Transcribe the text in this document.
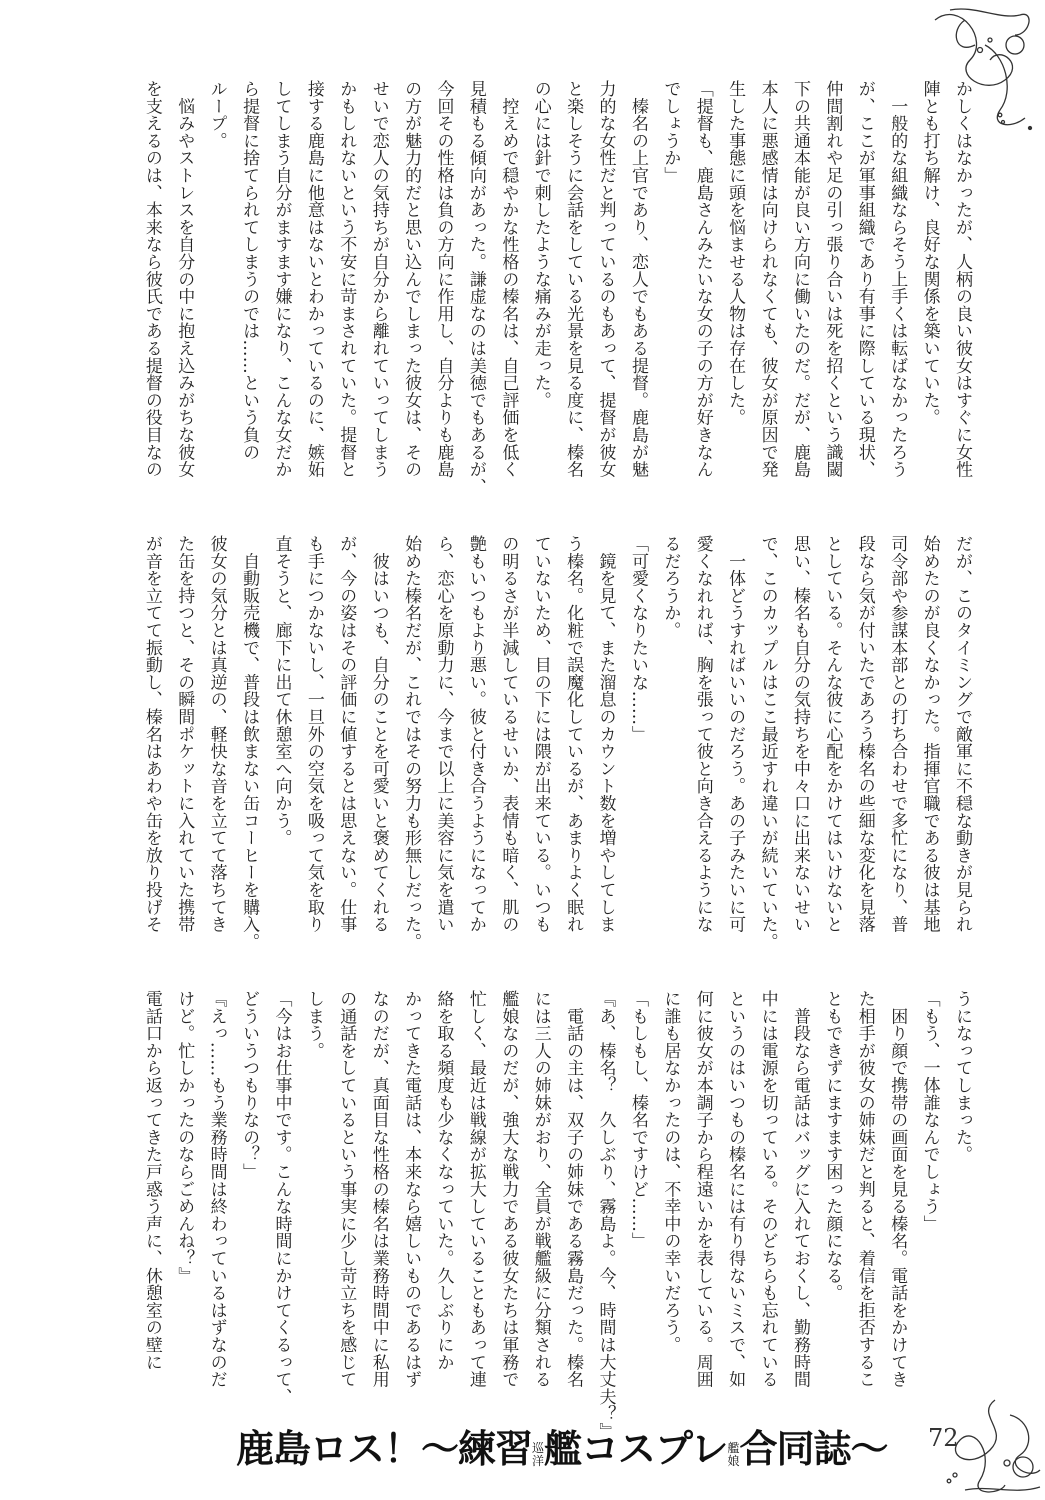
かしくはなかったが、人柄の良い彼女はすぐに女性
陣とも打ち解け、良好な関係を築いていた。
　一般的な組織ならそう上手くは転ばなかったろう
が、ここが軍事組織であり有事に際している現状、
仲間割れや足の引っ張り合いは死を招くという識閾
下の共通本能が良い方向に働いたのだ。だが、鹿島
本人に悪感情は向けられなくても、彼女が原因で発
生した事態に頭を悩ませる人物は存在した。
「提督も、鹿島さんみたいな女の子の方が好きなん
でしょうか」
　榛名の上官であり、恋人でもある提督。鹿島が魅
力的な女性だと判っているのもあって、提督が彼女
と楽しそうに会話をしている光景を見る度に、榛名
の心には針で刺したような痛みが走った。
　控えめで穏やかな性格の榛名は、自己評価を低く
見積もる傾向があった。謙虚なのは美徳でもあるが、
今回その性格は負の方向に作用し、自分よりも鹿島
の方が魅力的だと思い込んでしまった彼女は、その
せいで恋人の気持ちが自分から離れていってしまう
かもしれないという不安に苛まされていた。提督と
接する鹿島に他意はないとわかっているのに、嫉妬
してしまう自分がますます嫌になり、こんな女だか
ら提督に捨てられてしまうのでは……という負の
ループ。
　悩みやストレスを自分の中に抱え込みがちな彼女
を支えるのは、本来なら彼氏である提督の役目なの
だが、このタイミングで敵軍に不穏な動きが見られ
始めたのが良くなかった。指揮官職である彼は基地
司令部や参謀本部との打ち合わせで多忙になり、普
段なら気が付いたであろう榛名の些細な変化を見落
としている。そんな彼に心配をかけてはいけないと
思い、榛名も自分の気持ちを中々口に出来ないせい
で、このカップルはここ最近すれ違いが続いていた。
　一体どうすればいいのだろう。あの子みたいに可
愛くなれれば、胸を張って彼と向き合えるようにな
るだろうか。
「可愛くなりたいな……」
　鏡を見て、また溜息のカウント数を増やしてしま
う榛名。化粧で誤魔化しているが、あまりよく眠れ
ていないため、目の下には隈が出来ている。いつも
の明るさが半減しているせいか、表情も暗く、肌の
艶もいつもより悪い。彼と付き合うようになってか
ら、恋心を原動力に、今まで以上に美容に気を遣い
始めた榛名だが、これではその努力も形無しだった。
　彼はいつも、自分のことを可愛いと褒めてくれる
が、今の姿はその評価に値するとは思えない。仕事
も手につかないし、一旦外の空気を吸って気を取り
直そうと、廊下に出て休憩室へ向かう。
　自動販売機で、普段は飲まない缶コーヒーを購入。
彼女の気分とは真逆の、軽快な音を立てて落ちてき
た缶を持つと、その瞬間ポケットに入れていた携帯
が音を立てて振動し、榛名はあわや缶を放り投げそ
うになってしまった。
「もう、一体誰なんでしょう」
　困り顔で携帯の画面を見る榛名。電話をかけてき
た相手が彼女の姉妹だと判ると、着信を拒否するこ
ともできずにますます困った顔になる。
　普段なら電話はバッグに入れておくし、勤務時間
中には電源を切っている。そのどちらも忘れている
というのはいつもの榛名には有り得ないミスで、如
何に彼女が本調子から程遠いかを表している。周囲
に誰も居なかったのは、不幸中の幸いだろう。
「もしもし、榛名ですけど……」
『あ、榛名？　久しぶり、霧島よ。今、時間は大丈夫？』
　電話の主は、双子の姉妹である霧島だった。榛名
には三人の姉妹がおり、全員が戦艦級に分類される
艦娘なのだが、強大な戦力である彼女たちは軍務で
忙しく、最近は戦線が拡大していることもあって連
絡を取る頻度も少なくなっていた。久しぶりにか
かってきた電話は、本来なら嬉しいものであるはず
なのだが、真面目な性格の榛名は業務時間中に私用
の通話をしているという事実に少し苛立ちを感じて
しまう。
「今はお仕事中です。こんな時間にかけてくるって、
どういうつもりなの？」
『えっ……もう業務時間は終わっているはずなのだ
けど。忙しかったのならごめんね？』
電話口から返ってきた戸惑う声に、休憩室の壁に
鹿島ロス！〜練習 巡
洋 艦コスプレ 艦
娘 合同誌〜 72
